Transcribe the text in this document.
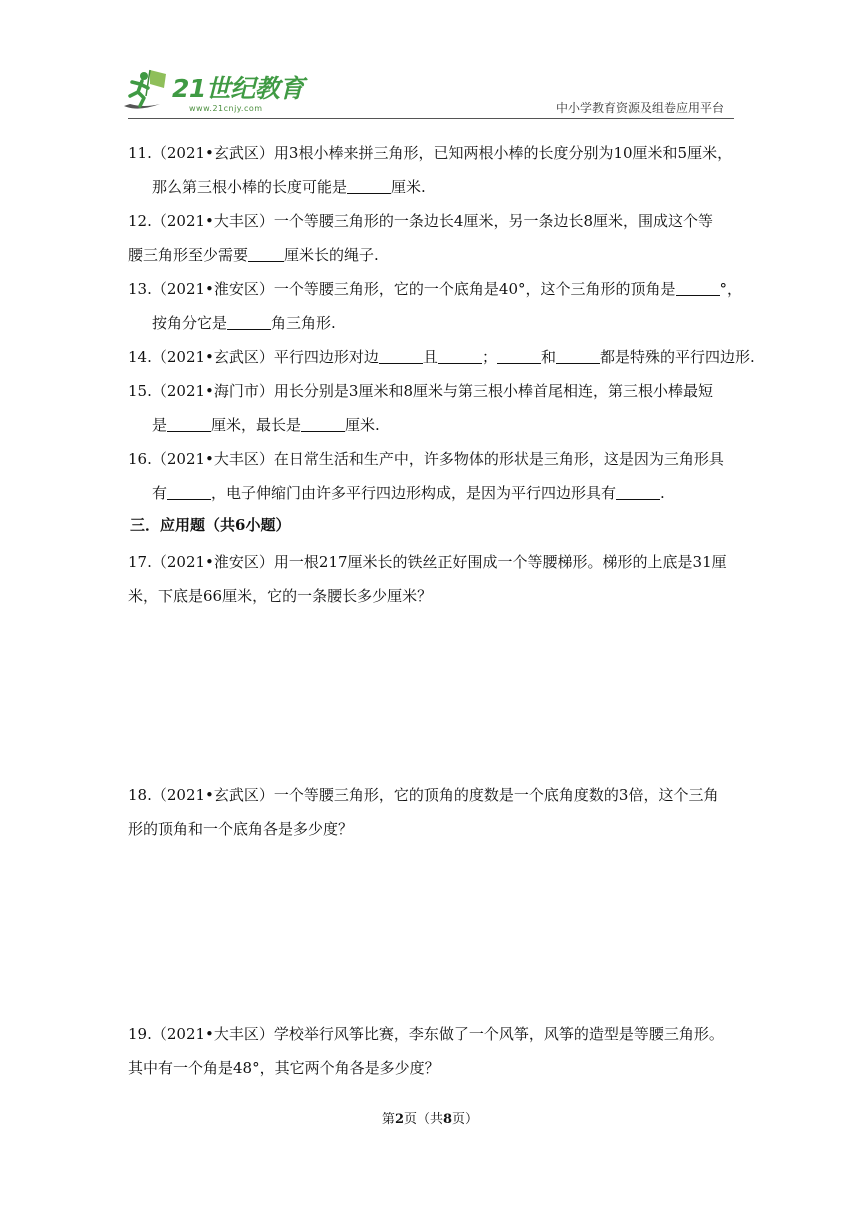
21世纪教育
www.21cnjy.com	中小学教育资源及组卷应用平台
11.（2021•玄武区）用3根小棒来拼三角形，已知两根小棒的长度分别为10厘米和5厘米，
那么第三根小棒的长度可能是	厘米.
12.（2021•大丰区）一个等腰三角形的一条边长4厘米，另一条边长8厘米，围成这个等
腰三角形至少需要 厘米长的绳子.
13.（2021•淮安区）一个等腰三角形，它的一个底角是40°，这个三角形的顶角是	°，
按角分它是	角三角形.
14.（2021•玄武区）平行四边形对边	且	；	和	都是特殊的平行四边形.
15.（2021•海门市）用长分别是3厘米和8厘米与第三根小棒首尾相连，第三根小棒最短
是	厘米，最长是	厘米.
16.（2021•大丰区）在日常生活和生产中，许多物体的形状是三角形，这是因为三角形具
有	，电子伸缩门由许多平行四边形构成，是因为平行四边形具有	.
三．应用题（共6小题）
17.（2021•淮安区）用一根217厘米长的铁丝正好围成一个等腰梯形。梯形的上底是31厘
米，下底是66厘米，它的一条腰长多少厘米？
18.（2021•玄武区）一个等腰三角形，它的顶角的度数是一个底角度数的3倍，这个三角
形的顶角和一个底角各是多少度？
19.（2021•大丰区）学校举行风筝比赛，李东做了一个风筝，风筝的造型是等腰三角形。
其中有一个角是48°，其它两个角各是多少度？
第2页（共8页）
